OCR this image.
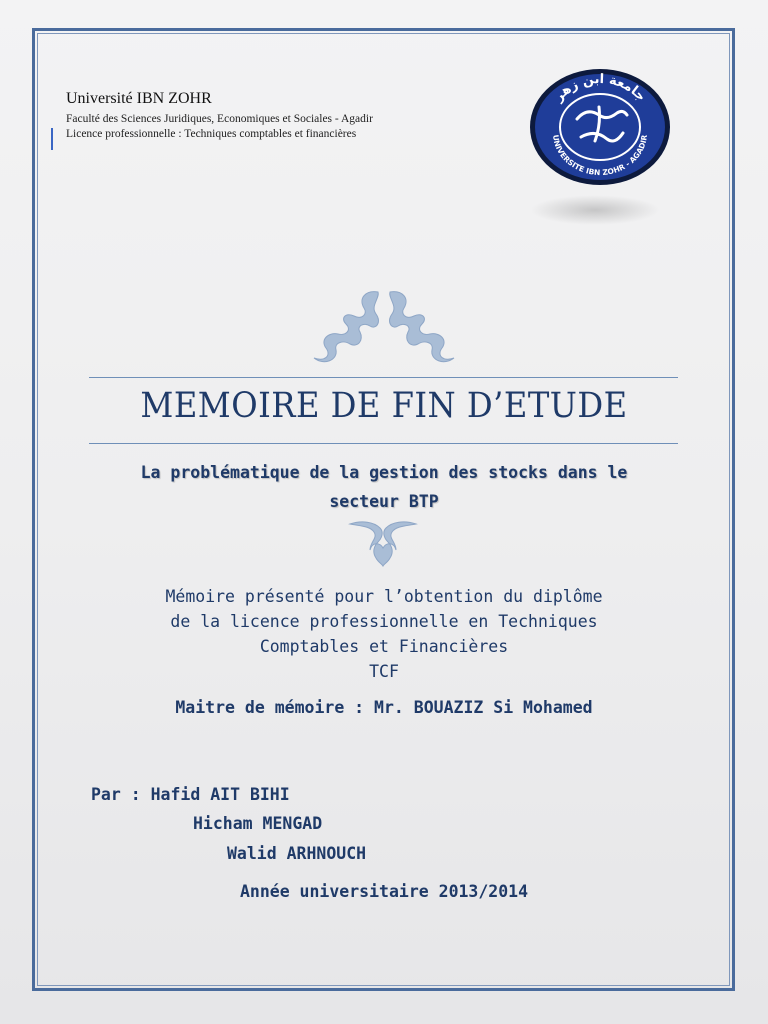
Université IBN ZOHR
Faculté des Sciences Juridiques, Economiques et Sociales - Agadir
Licence professionnelle : Techniques comptables et financières
جامعة ابن زهر
UNIVERSITE IBN ZOHR - AGADIR
MEMOIRE DE FIN D’ETUDE
La problématique de la gestion des stocks dans le
secteur BTP
Mémoire présenté pour l’obtention du diplôme
de la licence professionnelle en Techniques
Comptables et Financières
TCF
Maitre de mémoire : Mr. BOUAZIZ Si Mohamed
Par : Hafid AIT BIHI
Hicham MENGAD
Walid ARHNOUCH
Année universitaire 2013/2014
